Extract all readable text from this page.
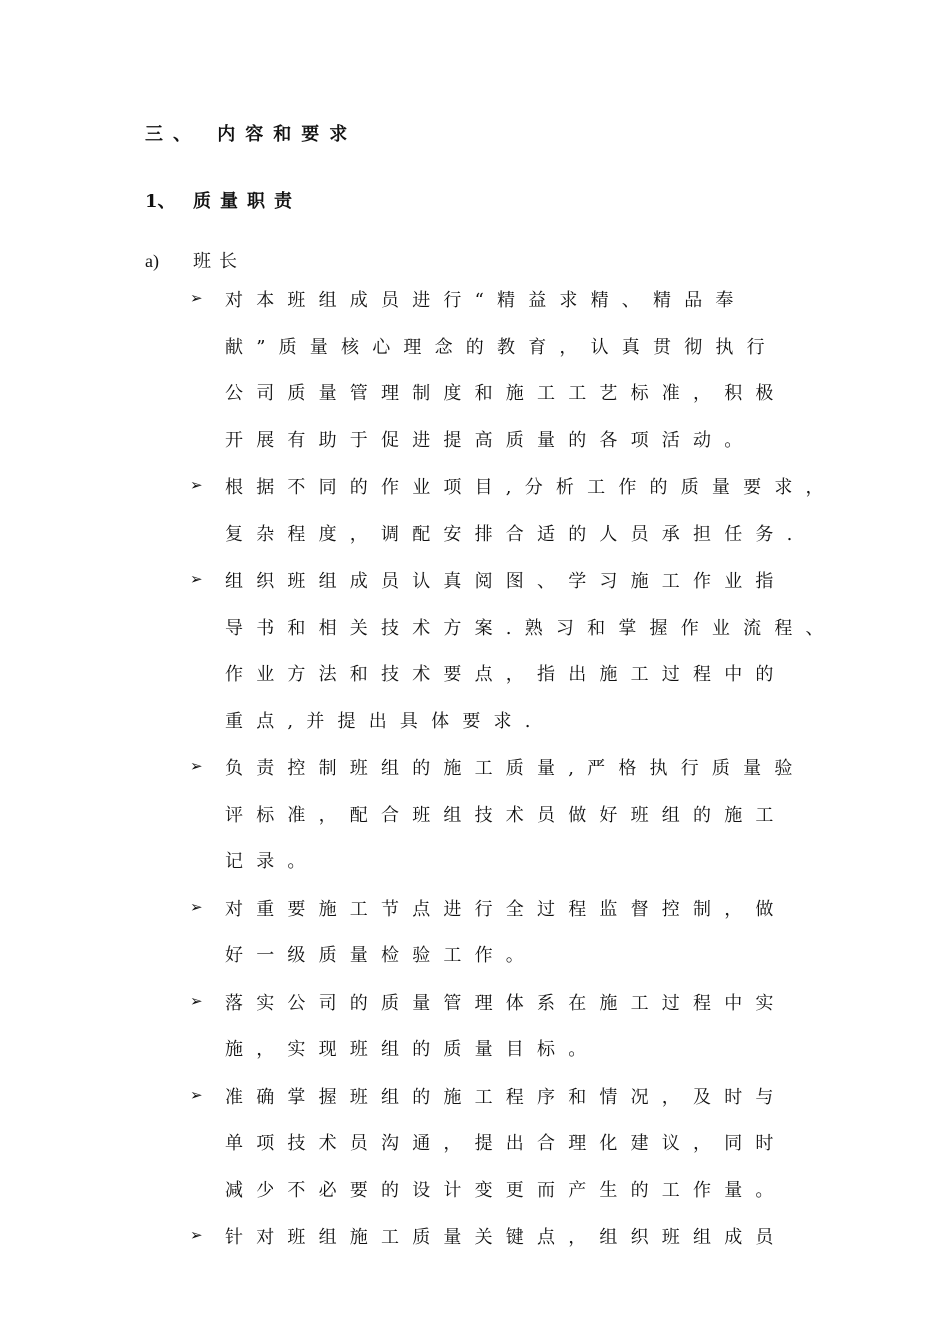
三、 内容和要求
1、 质量职责
a) 班长
➢ 对本班组成员进行“精益求精、精品奉
献”质量核心理念的教育，认真贯彻执行
公司质量管理制度和施工工艺标准，积极
开展有助于促进提高质量的各项活动。
➢ 根据不同的作业项目,分析工作的质量要求，
复杂程度，调配安排合适的人员承担任务.
➢ 组织班组成员认真阅图、学习施工作业指
导书和相关技术方案.熟习和掌握作业流程、
作业方法和技术要点，指出施工过程中的
重点,并提出具体要求.
➢ 负责控制班组的施工质量,严格执行质量验
评标准，配合班组技术员做好班组的施工
记录。
➢ 对重要施工节点进行全过程监督控制，做
好一级质量检验工作。
➢ 落实公司的质量管理体系在施工过程中实
施，实现班组的质量目标。
➢ 准确掌握班组的施工程序和情况，及时与
单项技术员沟通，提出合理化建议，同时
减少不必要的设计变更而产生的工作量。
➢ 针对班组施工质量关键点，组织班组成员
